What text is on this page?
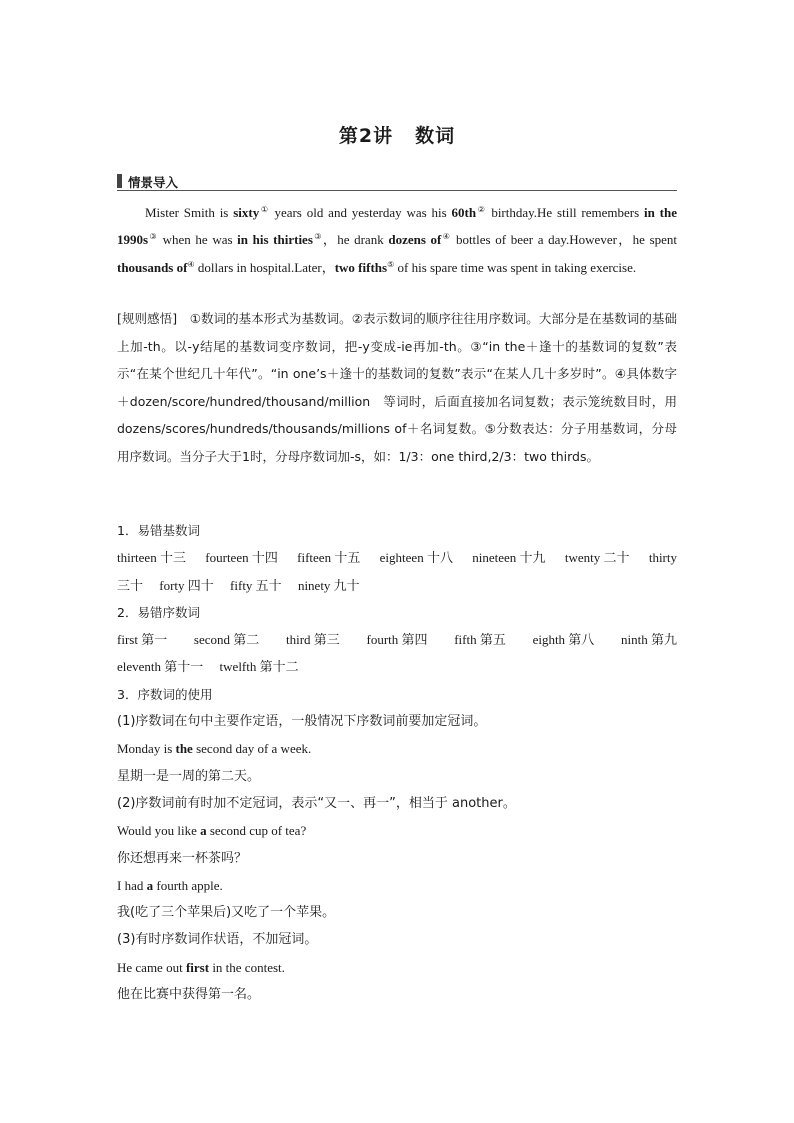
第2讲 数词
情景导入

Mister Smith is sixty① years old and yesterday was his 60th② birthday.He still remembers in the 1990s③ when he was in his thirties③，he drank dozens of④ bottles of beer a day.However，he spent thousands of④ dollars in hospital.Later，two fifths⑤ of his spare time was spent in taking exercise.

[规则感悟]　①数词的基本形式为基数词。②表示数词的顺序往往用序数词。大部分是在基数词的基础上加-th。以-y结尾的基数词变序数词，把-y变成-ie再加-th。③“in the＋逢十的基数词的复数”表示“在某个世纪几十年代”。“in one’s＋逢十的基数词的复数”表示“在某人几十多岁时”。④具体数字＋dozen/score/hundred/thousand/million　等词时，后面直接加名词复数；表示笼统数目时，用 dozens/scores/hundreds/thousands/millions of＋名词复数。⑤分数表达：分子用基数词，分母用序数词。当分子大于1时，分母序数词加-s，如：1/3：one third,2/3：two thirds。

1．易错基数词
thirteen 十三 fourteen 十四 fifteen 十五 eighteen 十八 nineteen 十九 twenty 二十 thirty
三十 forty 四十 fifty 五十 ninety 九十
2．易错序数词
first 第一 second 第二 third 第三 fourth 第四 fifth 第五 eighth 第八 ninth 第九
eleventh 第十一 twelfth 第十二
3．序数词的使用
(1)序数词在句中主要作定语，一般情况下序数词前要加定冠词。
Monday is the second day of a week.
星期一是一周的第二天。
(2)序数词前有时加不定冠词，表示“又一、再一”，相当于 another。
Would you like a second cup of tea?
你还想再来一杯茶吗？
I had a fourth apple.
我(吃了三个苹果后)又吃了一个苹果。
(3)有时序数词作状语，不加冠词。
He came out first in the contest.
他在比赛中获得第一名。
